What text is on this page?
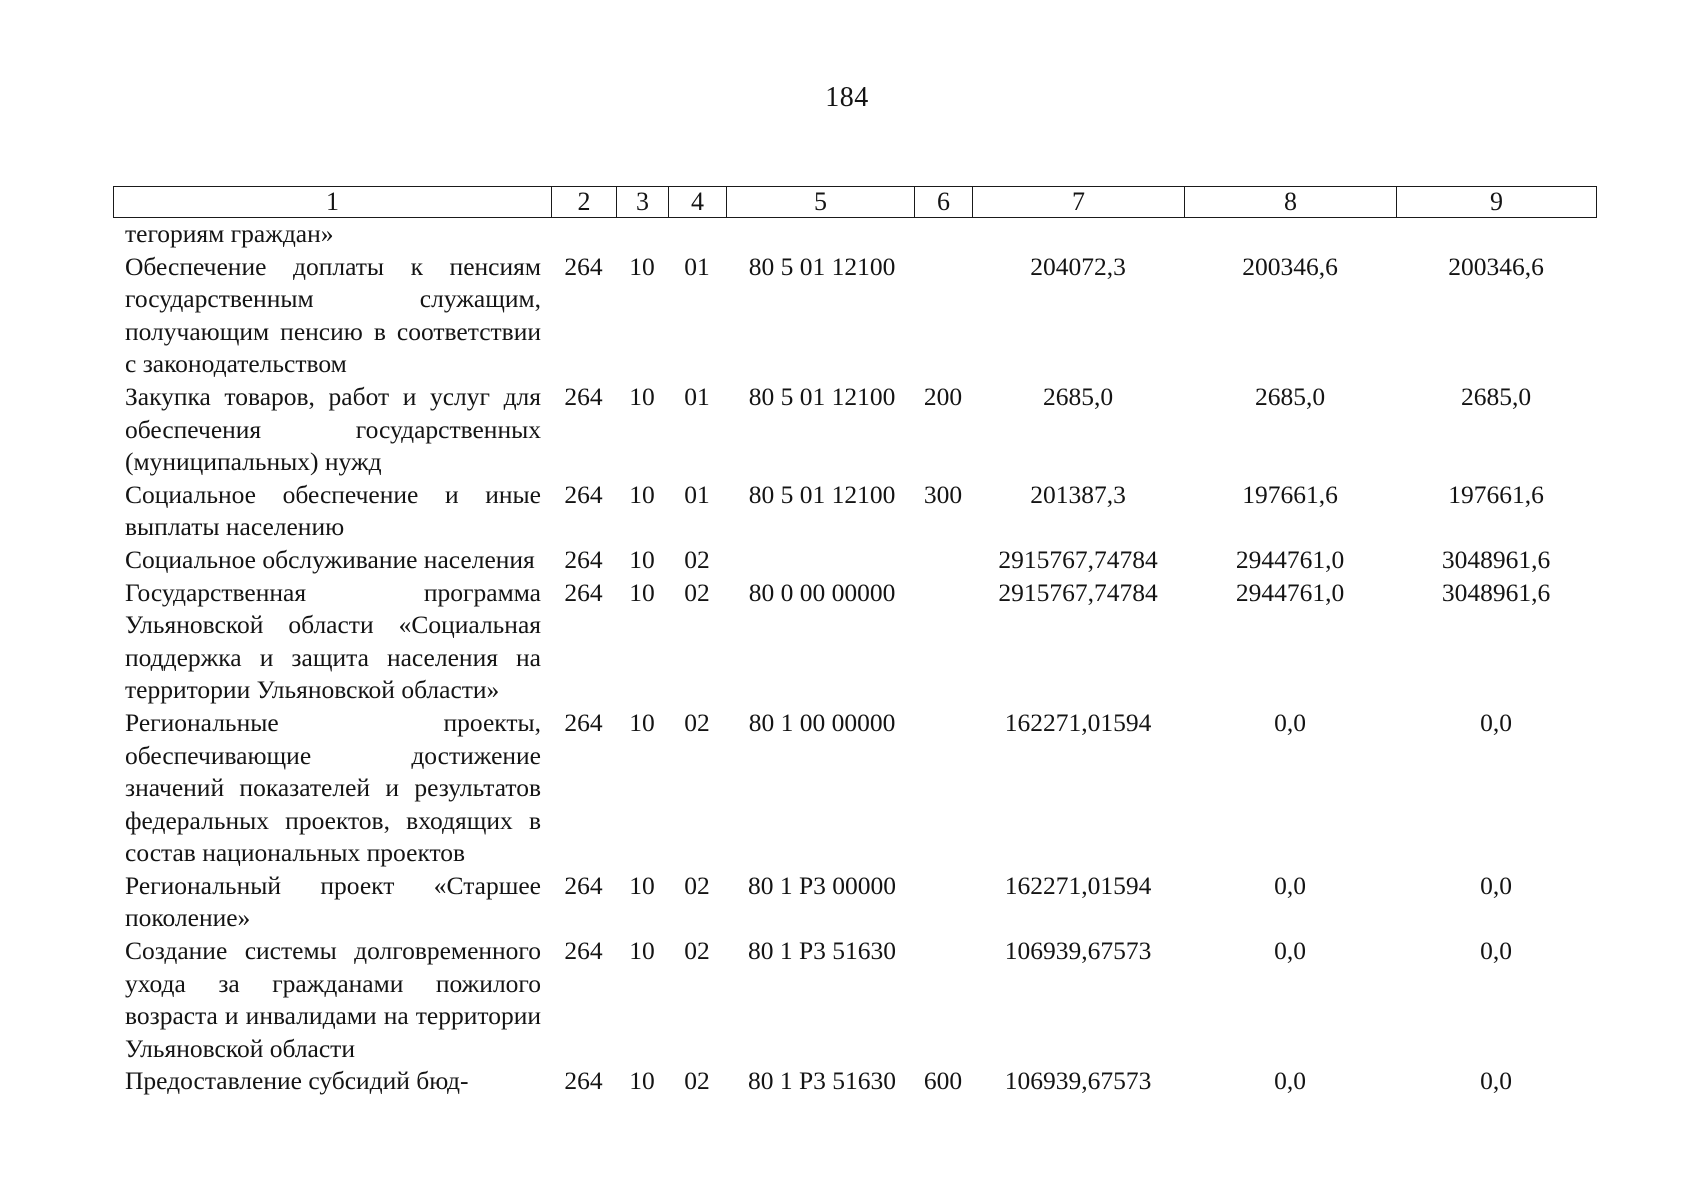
184
1	2	3	4	5	6	7	8	9
тегориям граждан»								
Обеспечение доплаты к пенсиям государственным служащим, получающим пенсию в соответствии с законодательством	264	10	01	80 5 01 12100		204072,3	200346,6	200346,6
Закупка товаров, работ и услуг для обеспечения государственных (муниципальных) нужд	264	10	01	80 5 01 12100	200	2685,0	2685,0	2685,0
Социальное обеспечение и иные выплаты населению	264	10	01	80 5 01 12100	300	201387,3	197661,6	197661,6
Социальное обслуживание населения	264	10	02			2915767,74784	2944761,0	3048961,6
Государственная программа Ульяновской области «Социальная поддержка и защита населения на территории Ульяновской области»	264	10	02	80 0 00 00000		2915767,74784	2944761,0	3048961,6
Региональные проекты, обеспечивающие достижение значений показателей и результатов федеральных проектов, входящих в состав национальных проектов	264	10	02	80 1 00 00000		162271,01594	0,0	0,0
Региональный проект «Старшее поколение»	264	10	02	80 1 P3 00000		162271,01594	0,0	0,0
Создание системы долговременного ухода за гражданами пожилого возраста и инвалидами на территории Ульяновской области	264	10	02	80 1 P3 51630		106939,67573	0,0	0,0
Предоставление субсидий бюд-	264	10	02	80 1 P3 51630	600	106939,67573	0,0	0,0
